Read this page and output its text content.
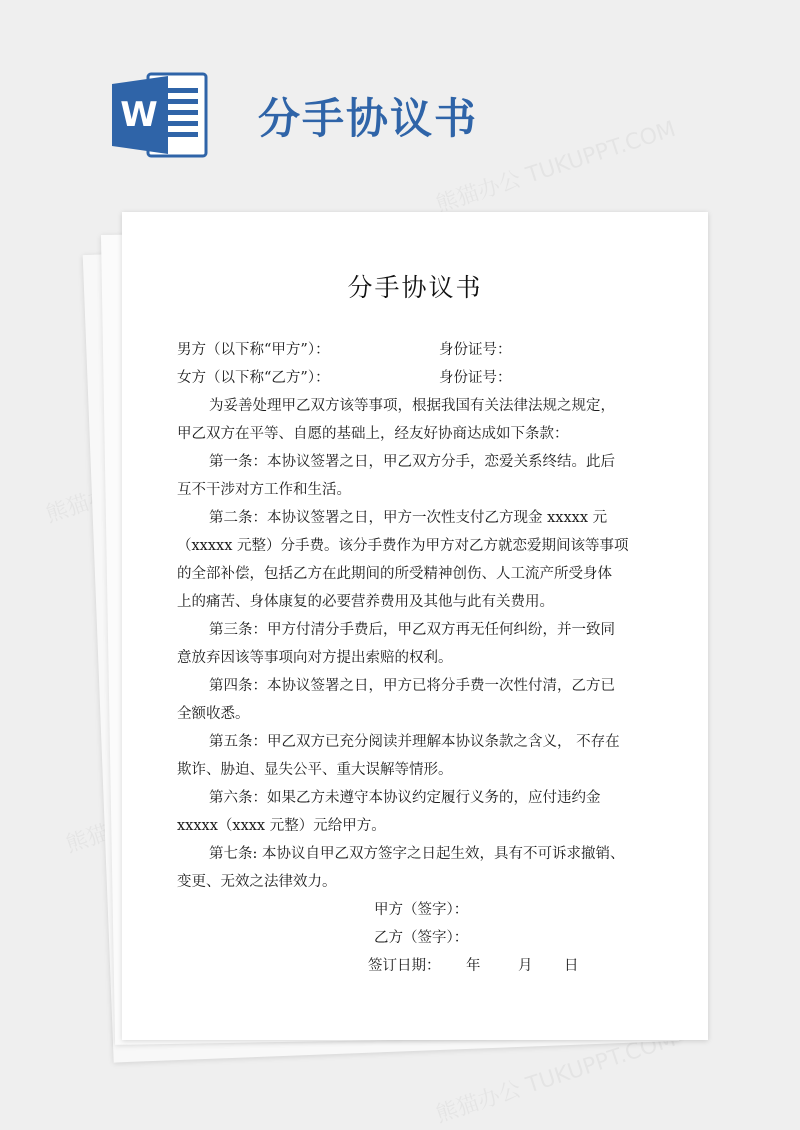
W 分手协议书
分手协议书
男方（以下称“甲方”）：	身份证号：
女方（以下称“乙方”）：	身份证号：
为妥善处理甲乙双方该等事项，根据我国有关法律法规之规定，
甲乙双方在平等、自愿的基础上，经友好协商达成如下条款：
第一条：本协议签署之日，甲乙双方分手，恋爱关系终结。此后
互不干涉对方工作和生活。
第二条：本协议签署之日，甲方一次性支付乙方现金 xxxxx 元
（xxxxx 元整）分手费。该分手费作为甲方对乙方就恋爱期间该等事项
的全部补偿，包括乙方在此期间的所受精神创伤、人工流产所受身体
上的痛苦、身体康复的必要营养费用及其他与此有关费用。
第三条：甲方付清分手费后，甲乙双方再无任何纠纷，并一致同
意放弃因该等事项向对方提出索赔的权利。
第四条：本协议签署之日，甲方已将分手费一次性付清，乙方已
全额收悉。
第五条：甲乙双方已充分阅读并理解本协议条款之含义， 不存在
欺诈、胁迫、显失公平、重大误解等情形。
第六条：如果乙方未遵守本协议约定履行义务的，应付违约金
xxxxx（xxxx 元整）元给甲方。
第七条: 本协议自甲乙双方签字之日起生效，具有不可诉求撤销、
变更、无效之法律效力。
甲方（签字）：
乙方（签字）：
签订日期： 年	月 日
